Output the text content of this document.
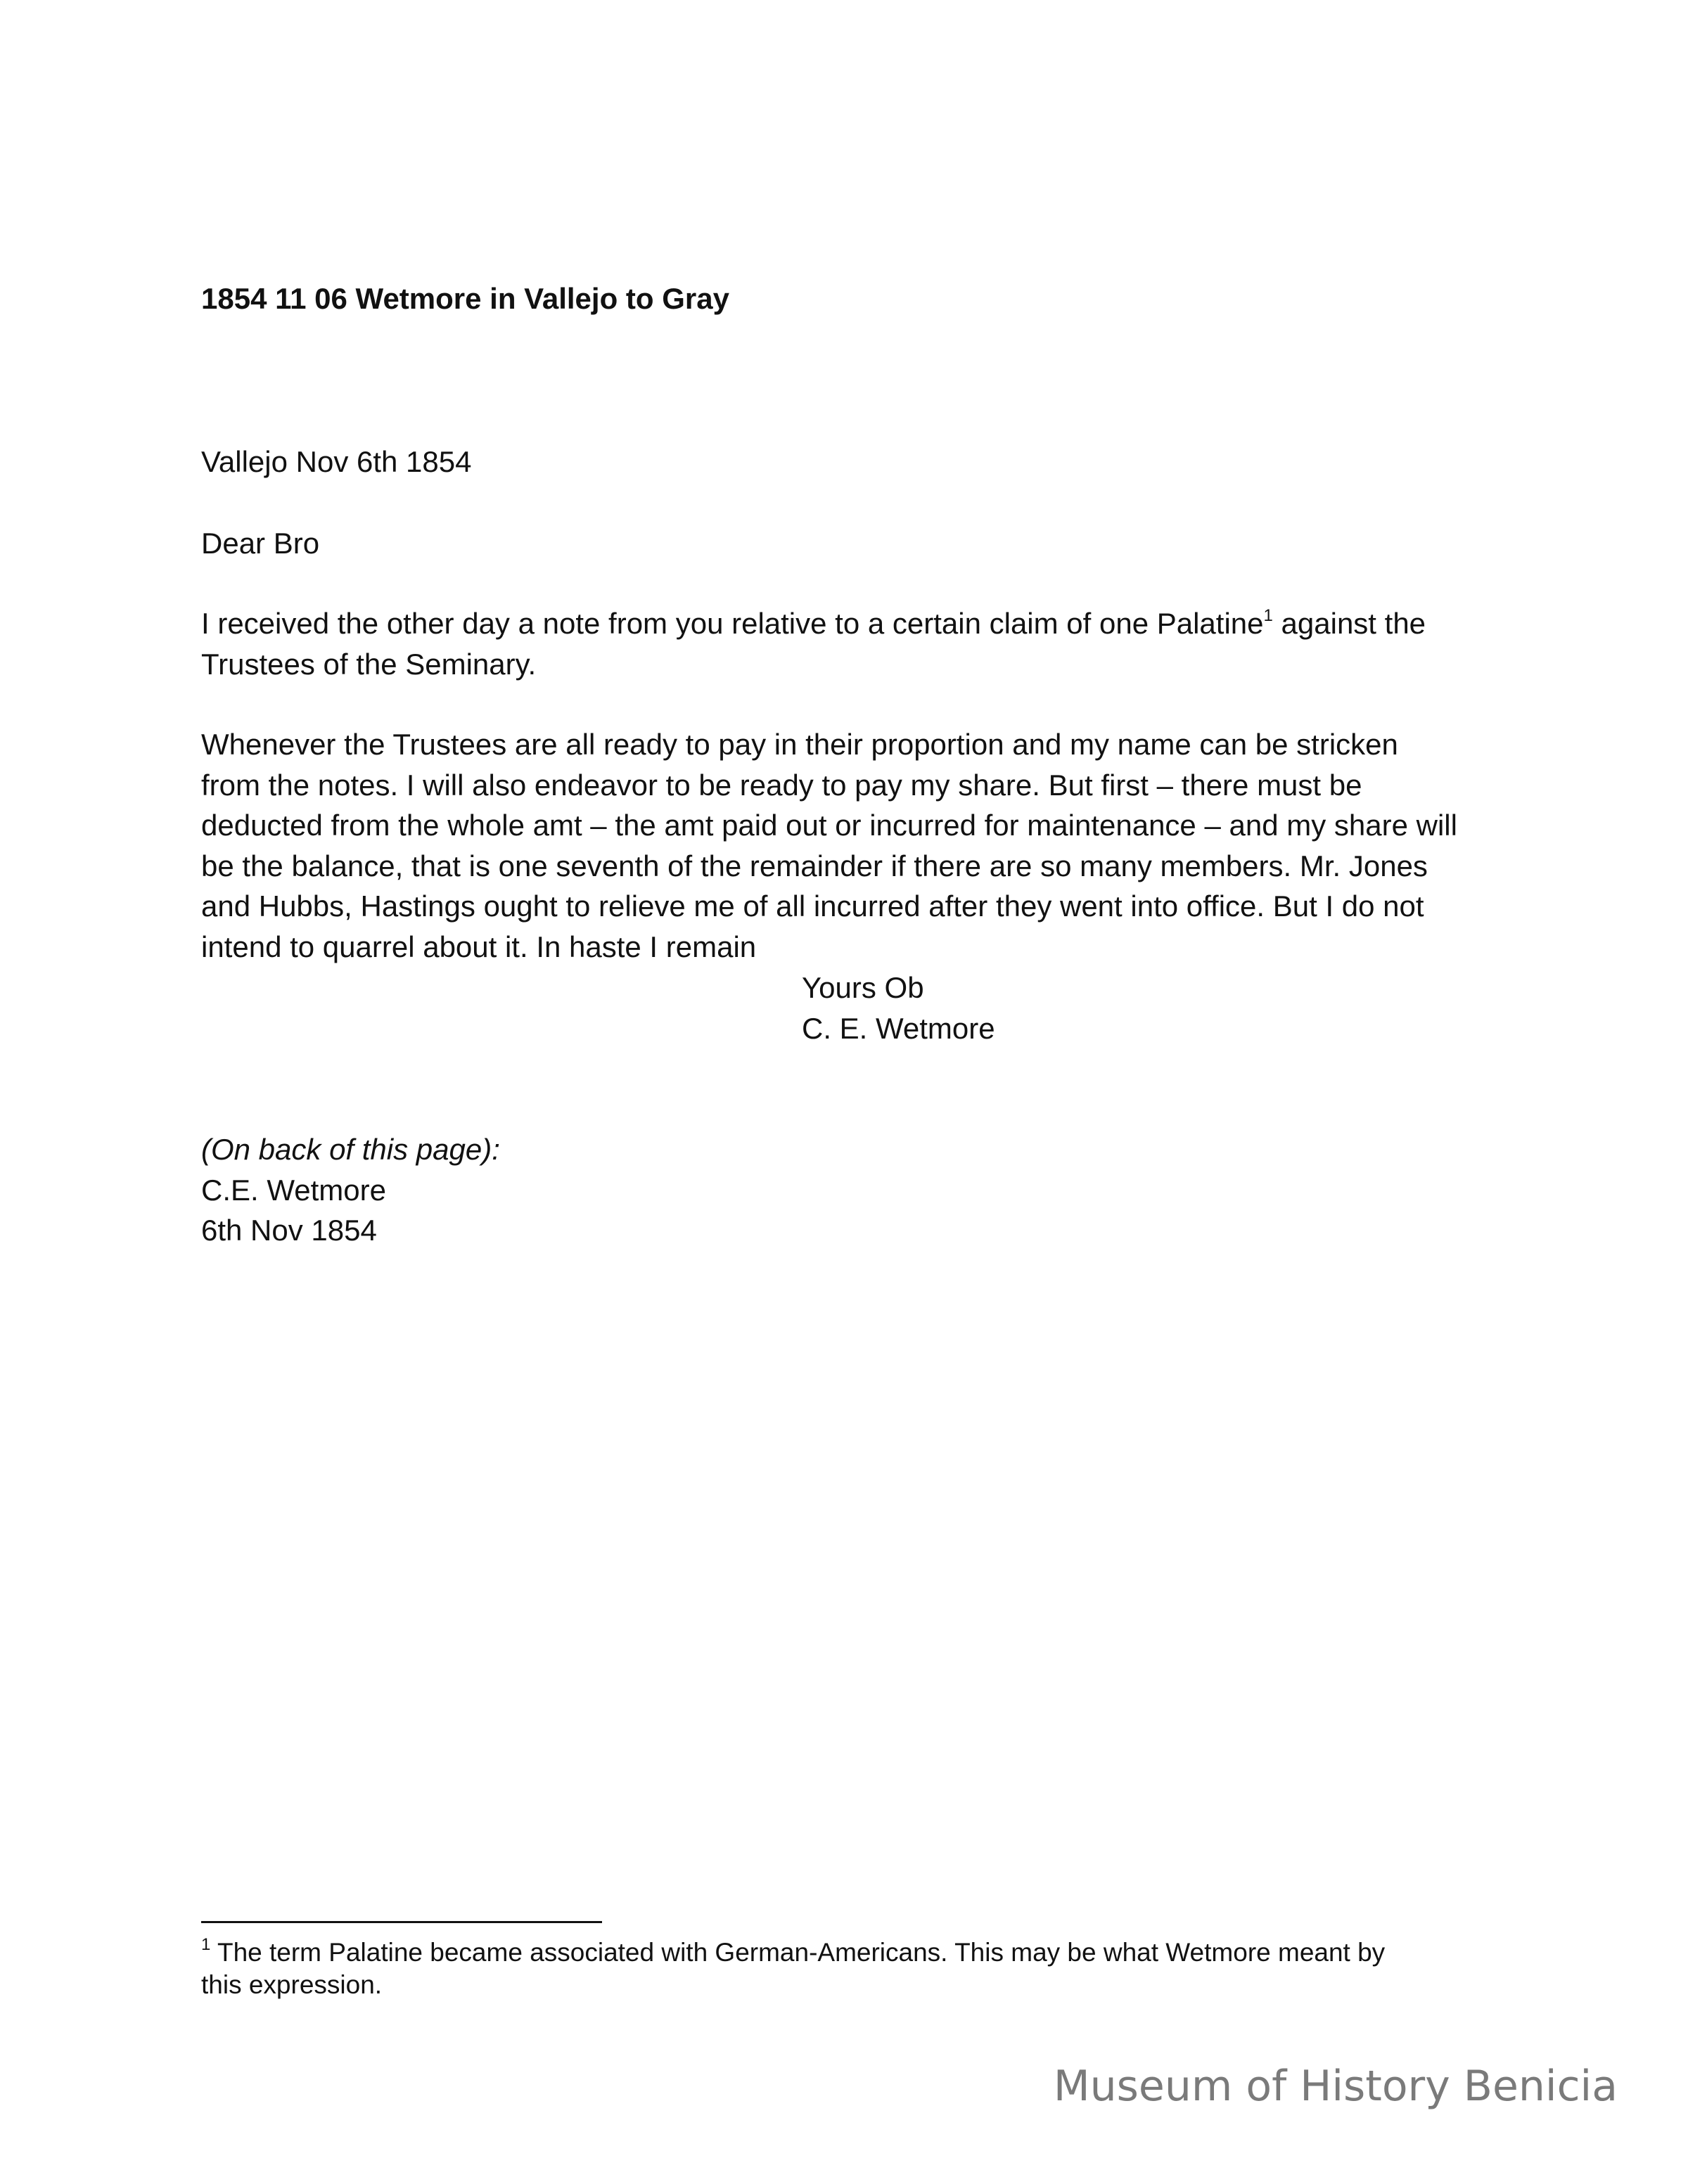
1854 11 06 Wetmore in Vallejo to Gray
Vallejo Nov 6th 1854
Dear Bro
I received the other day a note from you relative to a certain claim of one Palatine$^1$ against the
Trustees of the Seminary.
Whenever the Trustees are all ready to pay in their proportion and my name can be stricken
from the notes. I will also endeavor to be ready to pay my share. But first – there must be
deducted from the whole amt – the amt paid out or incurred for maintenance – and my share will
be the balance, that is one seventh of the remainder if there are so many members. Mr. Jones
and Hubbs, Hastings ought to relieve me of all incurred after they went into office. But I do not
intend to quarrel about it. In haste I remain
Yours Ob
C. E. Wetmore
(On back of this page):
C.E. Wetmore
6th Nov 1854
$^1$ The term Palatine became associated with German-Americans. This may be what Wetmore meant by
this expression.
Museum of History Benicia
